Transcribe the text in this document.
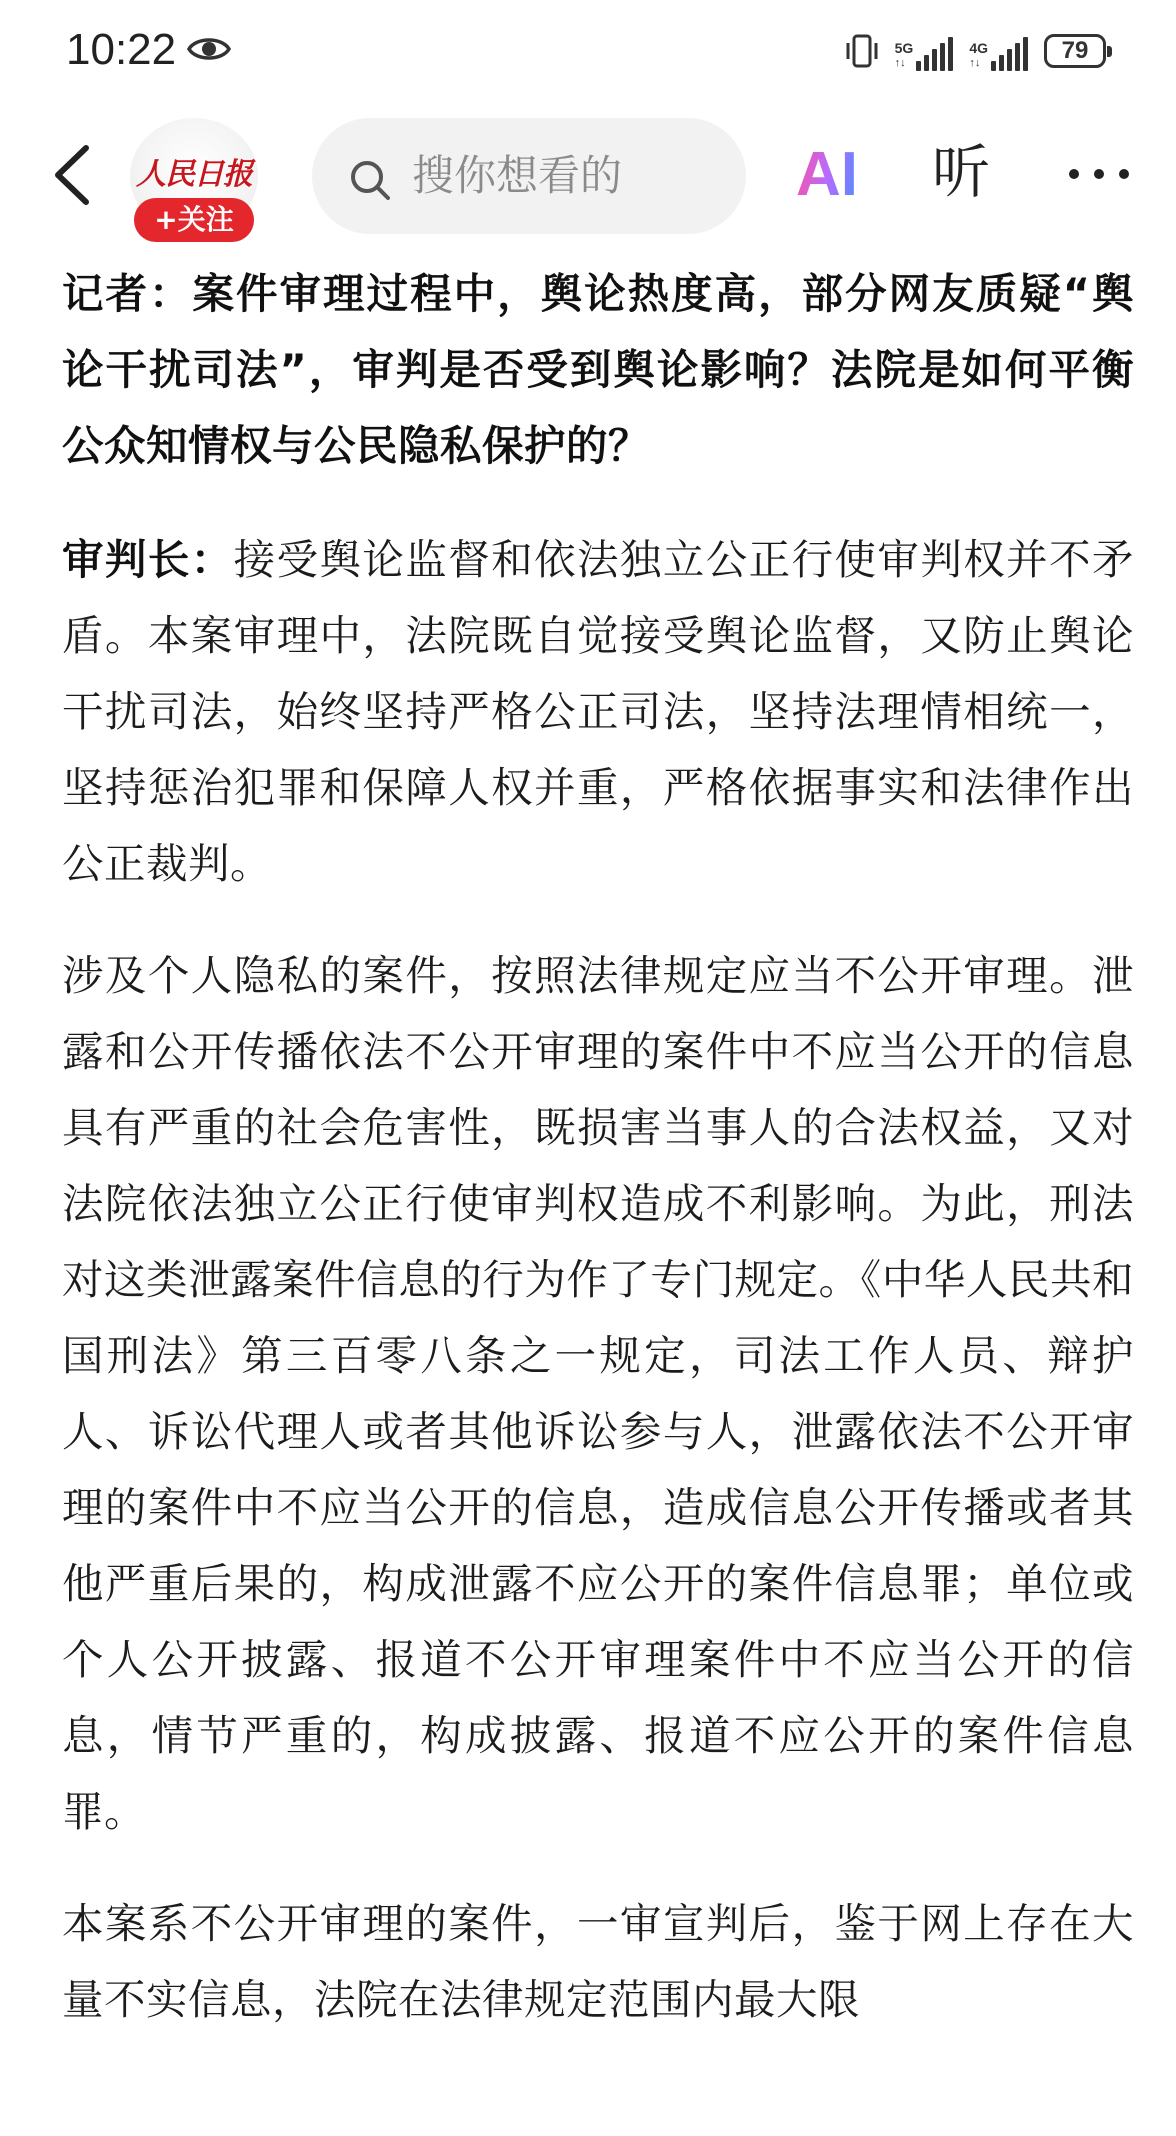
10:22	5G
↑↓
4G
↑↓	79
人民日报
+关注
搜你想看的	AI 听

记者：案件审理过程中，舆论热度高，部分网友质疑“舆论干扰司法”，审判是否受到舆论影响？法院是如何平衡公众知情权与公民隐私保护的？

审判长：接受舆论监督和依法独立公正行使审判权并不矛盾。本案审理中，法院既自觉接受舆论监督，又防止舆论干扰司法，始终坚持严格公正司法，坚持法理情相统一，坚持惩治犯罪和保障人权并重，严格依据事实和法律作出公正裁判。

涉及个人隐私的案件，按照法律规定应当不公开审理。泄露和公开传播依法不公开审理的案件中不应当公开的信息具有严重的社会危害性，既损害当事人的合法权益，又对法院依法独立公正行使审判权造成不利影响。为此，刑法对这类泄露案件信息的行为作了专门规定。《中华人民共和国刑法》第三百零八条之一规定，司法工作人员、辩护人、诉讼代理人或者其他诉讼参与人，泄露依法不公开审理的案件中不应当公开的信息，造成信息公开传播或者其他严重后果的，构成泄露不应公开的案件信息罪；单位或个人公开披露、报道不公开审理案件中不应当公开的信息，情节严重的，构成披露、报道不应公开的案件信息罪。

本案系不公开审理的案件，一审宣判后，鉴于网上存在大量不实信息，法院在法律规定范围内最大限
